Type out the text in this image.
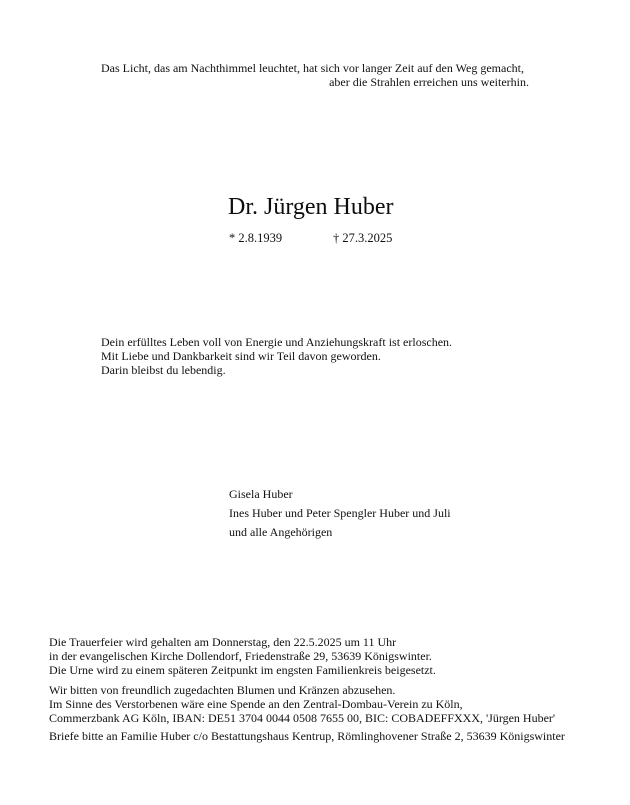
Das Licht, das am Nachthimmel leuchtet, hat sich vor langer Zeit auf den Weg gemacht,
aber die Strahlen erreichen uns weiterhin.
Dr. Jürgen Huber
* 2.8.1939	† 27.3.2025
Dein erfülltes Leben voll von Energie und Anziehungskraft ist erloschen.
Mit Liebe und Dankbarkeit sind wir Teil davon geworden.
Darin bleibst du lebendig.
Gisela Huber
Ines Huber und Peter Spengler Huber und Juli
und alle Angehörigen
Die Trauerfeier wird gehalten am Donnerstag, den 22.5.2025 um 11 Uhr
in der evangelischen Kirche Dollendorf, Friedenstraße 29, 53639 Königswinter.
Die Urne wird zu einem späteren Zeitpunkt im engsten Familienkreis beigesetzt.
Wir bitten von freundlich zugedachten Blumen und Kränzen abzusehen.
Im Sinne des Verstorbenen wäre eine Spende an den Zentral-Dombau-Verein zu Köln,
Commerzbank AG Köln, IBAN: DE51 3704 0044 0508 7655 00, BIC: COBADEFFXXX, 'Jürgen Huber'
Briefe bitte an Familie Huber c/o Bestattungshaus Kentrup, Römlinghovener Straße 2, 53639 Königswinter
